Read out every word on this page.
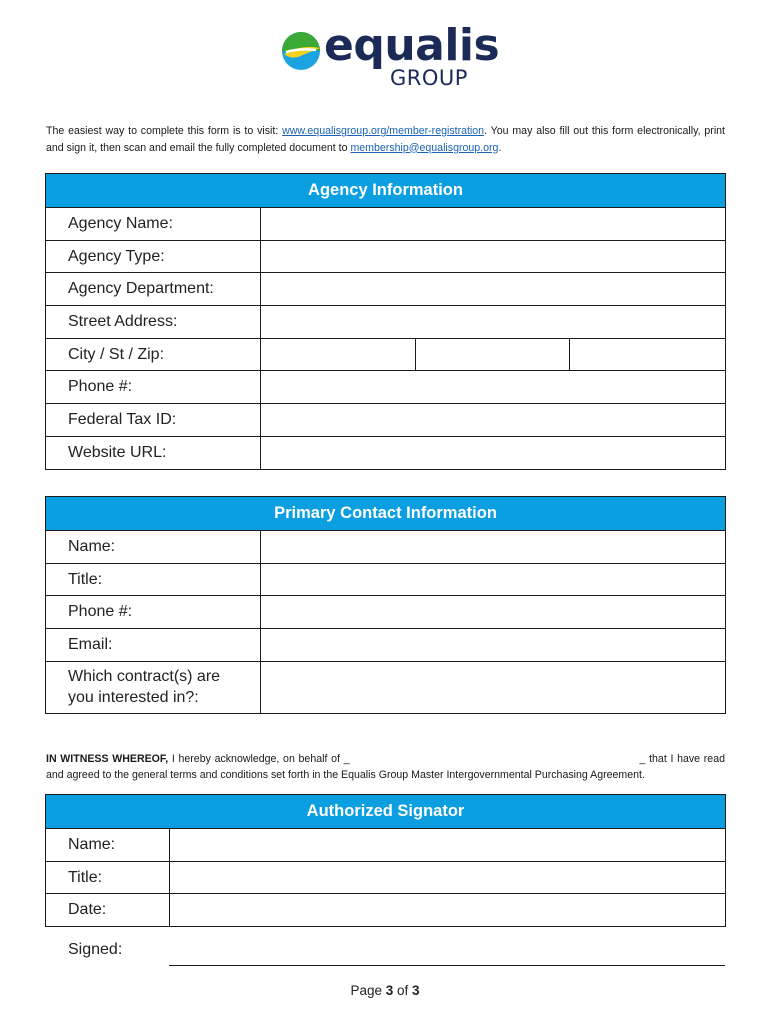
equalis
GROUP
The easiest way to complete this form is to visit: www.equalisgroup.org/member-registration. You may also fill out this form electronically, print and sign it, then scan and email the fully completed document to membership@equalisgroup.org.
Agency Information			
Agency Name:			
Agency Type:			
Agency Department:			
Street Address:			
City / St / Zip:			
Phone #:			
Federal Tax ID:			
Website URL:			
Primary Contact Information	
Name:	
Title:	
Phone #:	
Email:	
Which contract(s) are
you interested in?:	
IN WITNESS WHEREOF, I hereby acknowledge, on behalf of _	_ that I have read and agreed to the general terms and conditions set forth in the Equalis Group Master Intergovernmental Purchasing Agreement.
Authorized Signator	
Name:	
Title:	
Date:	
Signed:
Page 3 of 3
